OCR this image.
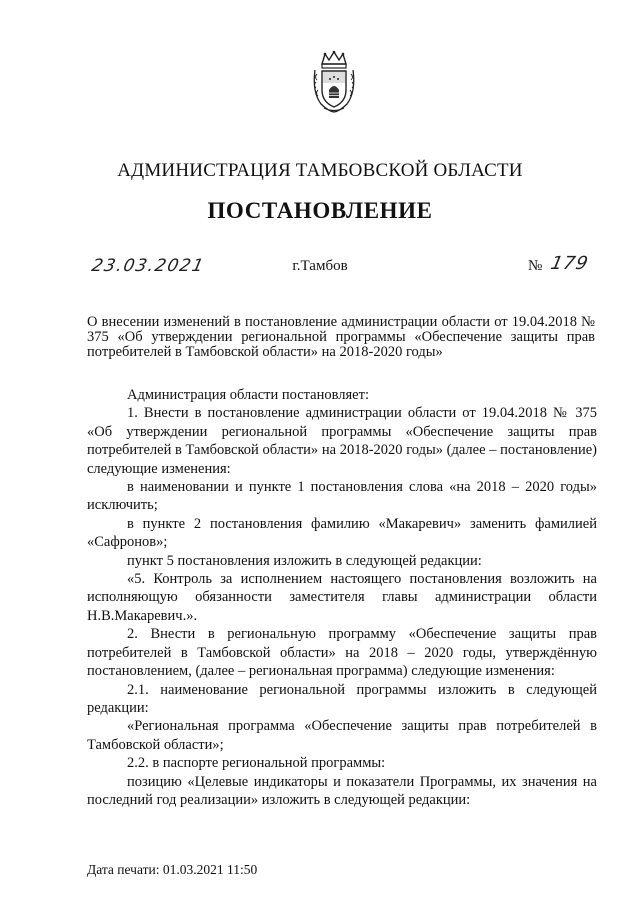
АДМИНИСТРАЦИЯ ТАМБОВСКОЙ ОБЛАСТИ
ПОСТАНОВЛЕНИЕ
23.03.2021	г.Тамбов	№ 179
О внесении изменений в постановление администрации области от 19.04.2018 № 375 «Об утверждении региональной программы «Обеспечение защиты прав потребителей в Тамбовской области» на 2018-2020 годы»

Администрация области постановляет:

1. Внести в постановление администрации области от 19.04.2018 № 375 «Об утверждении региональной программы «Обеспечение защиты прав потребителей в Тамбовской области» на 2018-2020 годы» (далее – постановление) следующие изменения:

в наименовании и пункте 1 постановления слова «на 2018 – 2020 годы» исключить;

в пункте 2 постановления фамилию «Макаревич» заменить фамилией «Сафронов»;

пункт 5 постановления изложить в следующей редакции:

«5. Контроль за исполнением настоящего постановления возложить на исполняющую обязанности заместителя главы администрации области Н.В.Макаревич.».

2. Внести в региональную программу «Обеспечение защиты прав потребителей в Тамбовской области» на 2018 – 2020 годы, утверждённую постановлением, (далее – региональная программа) следующие изменения:

2.1. наименование региональной программы изложить в следующей редакции:

«Региональная программа «Обеспечение защиты прав потребителей в Тамбовской области»;

2.2. в паспорте региональной программы:

позицию «Целевые индикаторы и показатели Программы, их значения на последний год реализации» изложить в следующей редакции:

Дата печати: 01.03.2021 11:50
